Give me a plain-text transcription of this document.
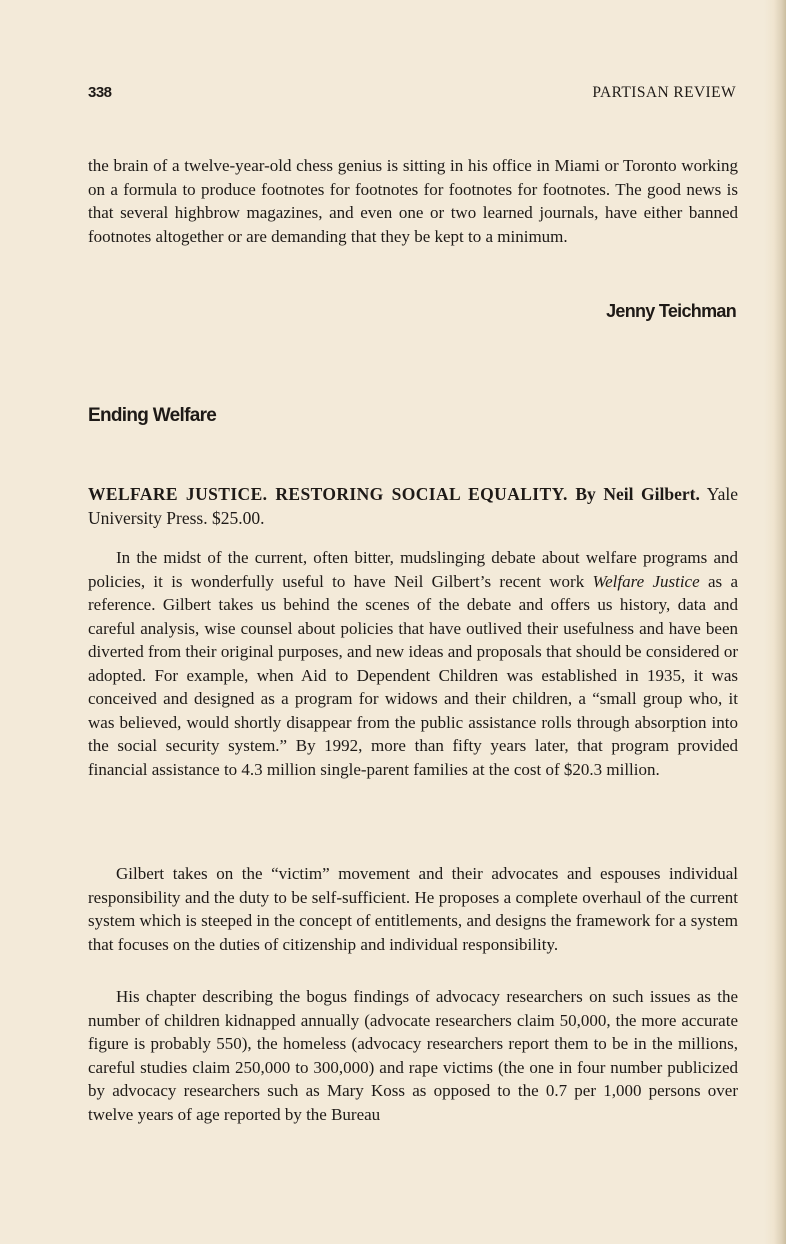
338	PARTISAN REVIEW

the brain of a twelve-year-old chess genius is sitting in his office in Miami or Toronto working on a formula to produce footnotes for footnotes for footnotes for footnotes. The good news is that several highbrow magazines, and even one or two learned journals, have either banned footnotes altogether or are demanding that they be kept to a minimum.

Jenny Teichman

Ending Welfare

WELFARE JUSTICE. RESTORING SOCIAL EQUALITY. By Neil Gilbert. Yale University Press. $25.00.

In the midst of the current, often bitter, mudslinging debate about welfare programs and policies, it is wonderfully useful to have Neil Gilbert’s recent work Welfare Justice as a reference. Gilbert takes us behind the scenes of the debate and offers us history, data and careful analysis, wise counsel about policies that have outlived their usefulness and have been diverted from their original purposes, and new ideas and proposals that should be considered or adopted. For example, when Aid to Dependent Children was established in 1935, it was conceived and designed as a program for widows and their children, a “small group who, it was believed, would shortly disappear from the public assistance rolls through absorption into the social security system.” By 1992, more than fifty years later, that program provided financial assistance to 4.3 million single-parent families at the cost of $20.3 million.

Gilbert takes on the “victim” movement and their advocates and espouses individual responsibility and the duty to be self-sufficient. He proposes a complete overhaul of the current system which is steeped in the concept of entitlements, and designs the framework for a system that focuses on the duties of citizenship and individual responsibility.

His chapter describing the bogus findings of advocacy researchers on such issues as the number of children kidnapped annually (advocate researchers claim 50,000, the more accurate figure is probably 550), the homeless (advocacy researchers report them to be in the millions, careful studies claim 250,000 to 300,000) and rape victims (the one in four number publicized by advocacy researchers such as Mary Koss as opposed to the 0.7 per 1,000 persons over twelve years of age reported by the Bureau
